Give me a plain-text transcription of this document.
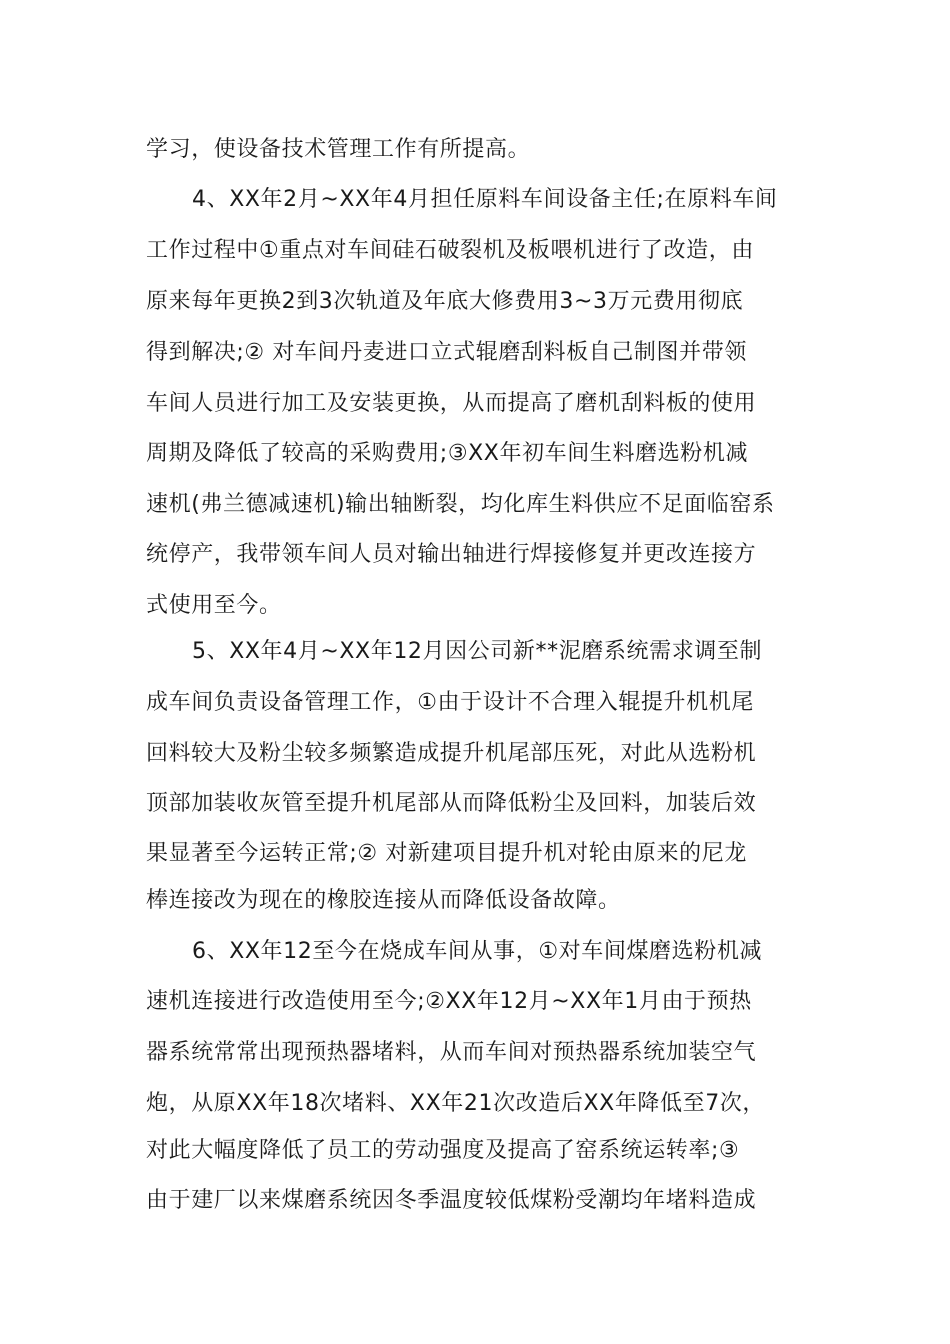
学习，使设备技术管理工作有所提高。
4、XX年2月~XX年4月担任原料车间设备主任;在原料车间
工作过程中①重点对车间硅石破裂机及板喂机进行了改造，由
原来每年更换2到3次轨道及年底大修费用3~3万元费用彻底
得到解决;② 对车间丹麦进口立式辊磨刮料板自己制图并带领
车间人员进行加工及安装更换，从而提高了磨机刮料板的使用
周期及降低了较高的采购费用;③XX年初车间生料磨选粉机减
速机(弗兰德减速机)输出轴断裂，均化库生料供应不足面临窑系
统停产，我带领车间人员对输出轴进行焊接修复并更改连接方
式使用至今。
5、XX年4月~XX年12月因公司新**泥磨系统需求调至制
成车间负责设备管理工作，①由于设计不合理入辊提升机机尾
回料较大及粉尘较多频繁造成提升机尾部压死，对此从选粉机
顶部加装收灰管至提升机尾部从而降低粉尘及回料，加装后效
果显著至今运转正常;② 对新建项目提升机对轮由原来的尼龙
棒连接改为现在的橡胶连接从而降低设备故障。
6、XX年12至今在烧成车间从事，①对车间煤磨选粉机减
速机连接进行改造使用至今;②XX年12月~XX年1月由于预热
器系统常常出现预热器堵料，从而车间对预热器系统加装空气
炮，从原XX年18次堵料、XX年21次改造后XX年降低至7次，
对此大幅度降低了员工的劳动强度及提高了窑系统运转率;③
由于建厂以来煤磨系统因冬季温度较低煤粉受潮均年堵料造成
